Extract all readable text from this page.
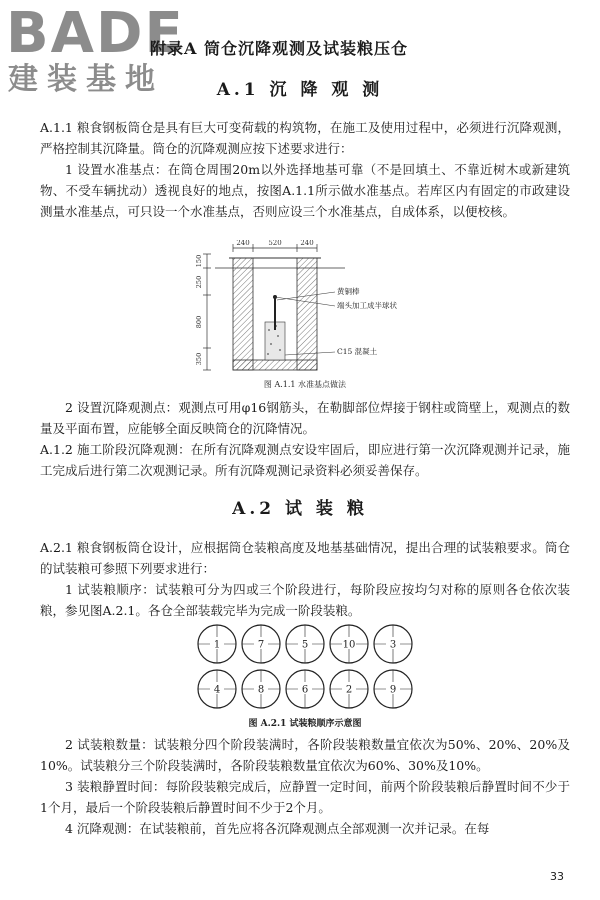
BADE
建装基地
附录A 筒仓沉降观测及试装粮压仓
A.1 沉 降 观 测
A.1.1 粮食钢板筒仓是具有巨大可变荷载的构筑物，在施工及使用过程中，必须进行沉降观测，严格控制其沉降量。筒仓的沉降观测应按下述要求进行：
1 设置水准基点：在筒仓周围20m以外选择地基可靠（不是回填土、不靠近树木或新建筑物、不受车辆扰动）透视良好的地点，按图A.1.1所示做水准基点。若库区内有固定的市政建设测量水准基点，可只设一个水准基点，否则应设三个水准基点，自成体系，以便校核。
240	520	240
150
250
800
350
黄铜棒
端头加工成半球状
C15 混凝土
图 A.1.1 水准基点做法
2 设置沉降观测点：观测点可用φ16钢筋头，在勒脚部位焊接于钢柱或筒壁上，观测点的数量及平面布置，应能够全面反映筒仓的沉降情况。
A.1.2 施工阶段沉降观测：在所有沉降观测点安设牢固后，即应进行第一次沉降观测并记录，施工完成后进行第二次观测记录。所有沉降观测记录资料必须妥善保存。
A.2 试 装 粮
A.2.1 粮食钢板筒仓设计，应根据筒仓装粮高度及地基基础情况，提出合理的试装粮要求。筒仓的试装粮可参照下列要求进行：
1 试装粮顺序：试装粮可分为四或三个阶段进行，每阶段应按均匀对称的原则各仓依次装粮，参见图A.2.1。各仓全部装载完毕为完成一阶段装粮。
1	7	5	10	3
4	8	6	2	9
图 A.2.1 试装粮顺序示意图
2 试装粮数量：试装粮分四个阶段装满时，各阶段装粮数量宜依次为50%、20%、20%及10%。试装粮分三个阶段装满时，各阶段装粮数量宜依次为60%、30%及10%。
3 装粮静置时间：每阶段装粮完成后，应静置一定时间，前两个阶段装粮后静置时间不少于1个月，最后一个阶段装粮后静置时间不少于2个月。
4 沉降观测：在试装粮前，首先应将各沉降观测点全部观测一次并记录。在每
33
